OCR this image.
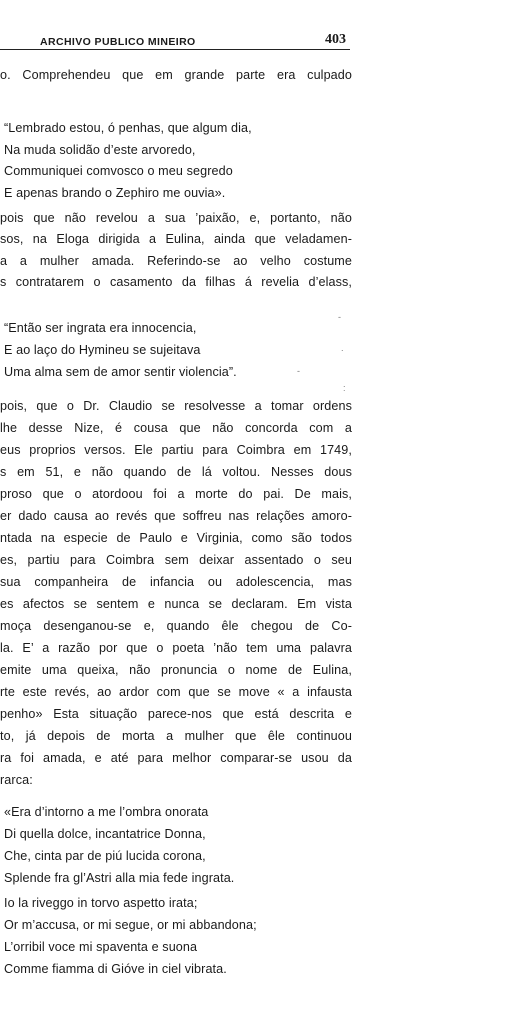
ARCHIVO PUBLICO MINEIRO	403
o. Comprehendeu que em grande parte era culpado
“Lembrado estou, ó penhas, que algum dia,
Na muda solidão d’este arvoredo,
Communiquei comvosco o meu segredo
E apenas brando o Zephiro me ouvia».
pois que não revelou a sua ’paixão, e, portanto, não
sos, na Eloga dirigida a Eulina, ainda que veladamen-
a a mulher amada. Referindo-se ao velho costume
s contratarem o casamento da filhas á revelia d’elass,
“Então ser ingrata era innocencia,
E ao laço do Hymineu se sujeitava
Uma alma sem de amor sentir violencia”.
pois, que o Dr. Claudio se resolvesse a tomar ordens
lhe desse Nize, é cousa que não concorda com a
eus proprios versos. Ele partiu para Coimbra em 1749,
s em 51, e não quando de lá voltou. Nesses dous
proso que o atordoou foi a morte do pai. De mais,
er dado causa ao revés que soffreu nas relações amoro-
ntada na especie de Paulo e Virginia, como são todos
es, partiu para Coimbra sem deixar assentado o seu
sua companheira de infancia ou adolescencia, mas
es afectos se sentem e nunca se declaram. Em vista
moça desenganou-se e, quando êle chegou de Co-
la. E’ a razão por que o poeta ’não tem uma palavra
emite uma queixa, não pronuncia o nome de Eulina,
rte este revés, ao ardor com que se move « a infausta
penho» Esta situação parece-nos que está descrita e
to, já depois de morta a mulher que êle continuou
ra foi amada, e até para melhor comparar-se usou da
rarca:
«Era d’intorno a me l’ombra onorata
Di quella dolce, incantatrice Donna,
Che, cinta par de piú lucida corona,
Splende fra gl’Astri alla mia fede ingrata.
Io la riveggo in torvo aspetto irata;
Or m’accusa, or mi segue, or mi abbandona;
L’orribil voce mi spaventa e suona
Comme fiamma di Gióve in ciel vibrata.
-
.
-
:
